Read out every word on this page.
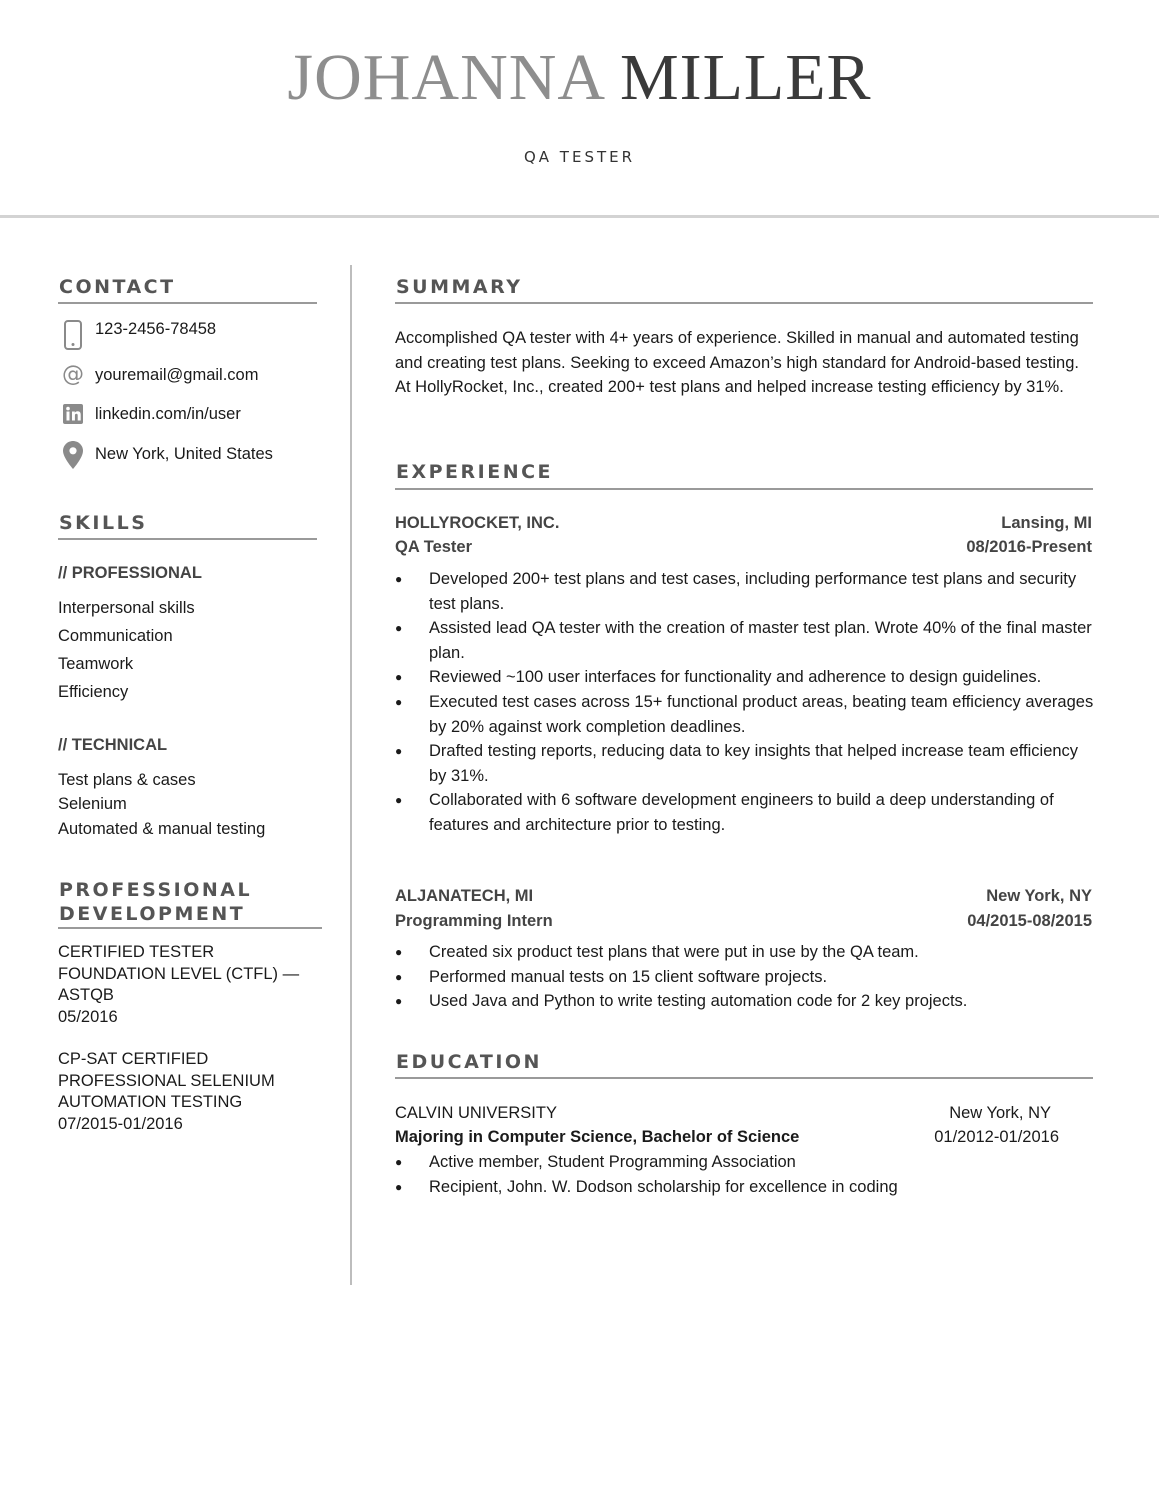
JOHANNA MILLER
QA TESTER
CONTACT
123-2456-78458
@ youremail@gmail.com
linkedin.com/in/user
New York, United States
SKILLS
// PROFESSIONAL
Interpersonal skills
Communication
Teamwork
Efficiency
// TECHNICAL
Test plans & cases
Selenium
Automated & manual testing
PROFESSIONAL
DEVELOPMENT
CERTIFIED TESTER
FOUNDATION LEVEL (CTFL) —
ASTQB
05/2016
CP-SAT CERTIFIED
PROFESSIONAL SELENIUM
AUTOMATION TESTING
07/2015-01/2016
SUMMARY

Accomplished QA tester with 4+ years of experience. Skilled in manual and automated testing and creating test plans. Seeking to exceed Amazon’s high standard for Android-based testing. At HollyRocket, Inc., created 200+ test plans and helped increase testing efficiency by 31%.

EXPERIENCE
HOLLYROCKET, INC.	Lansing, MI
QA Tester	08/2016-Present
● Developed 200+ test plans and test cases, including performance test plans and security test plans.
● Assisted lead QA tester with the creation of master test plan. Wrote 40% of the final master plan.
● Reviewed ~100 user interfaces for functionality and adherence to design guidelines.
● Executed test cases across 15+ functional product areas, beating team efficiency averages by 20% against work completion deadlines.
● Drafted testing reports, reducing data to key insights that helped increase team efficiency by 31%.
● Collaborated with 6 software development engineers to build a deep understanding of features and architecture prior to testing.
ALJANATECH, MI	New York, NY
Programming Intern	04/2015-08/2015
● Created six product test plans that were put in use by the QA team.
● Performed manual tests on 15 client software projects.
● Used Java and Python to write testing automation code for 2 key projects.
EDUCATION
CALVIN UNIVERSITY	New York, NY
Majoring in Computer Science, Bachelor of Science	01/2012-01/2016
● Active member, Student Programming Association
● Recipient, John. W. Dodson scholarship for excellence in coding
